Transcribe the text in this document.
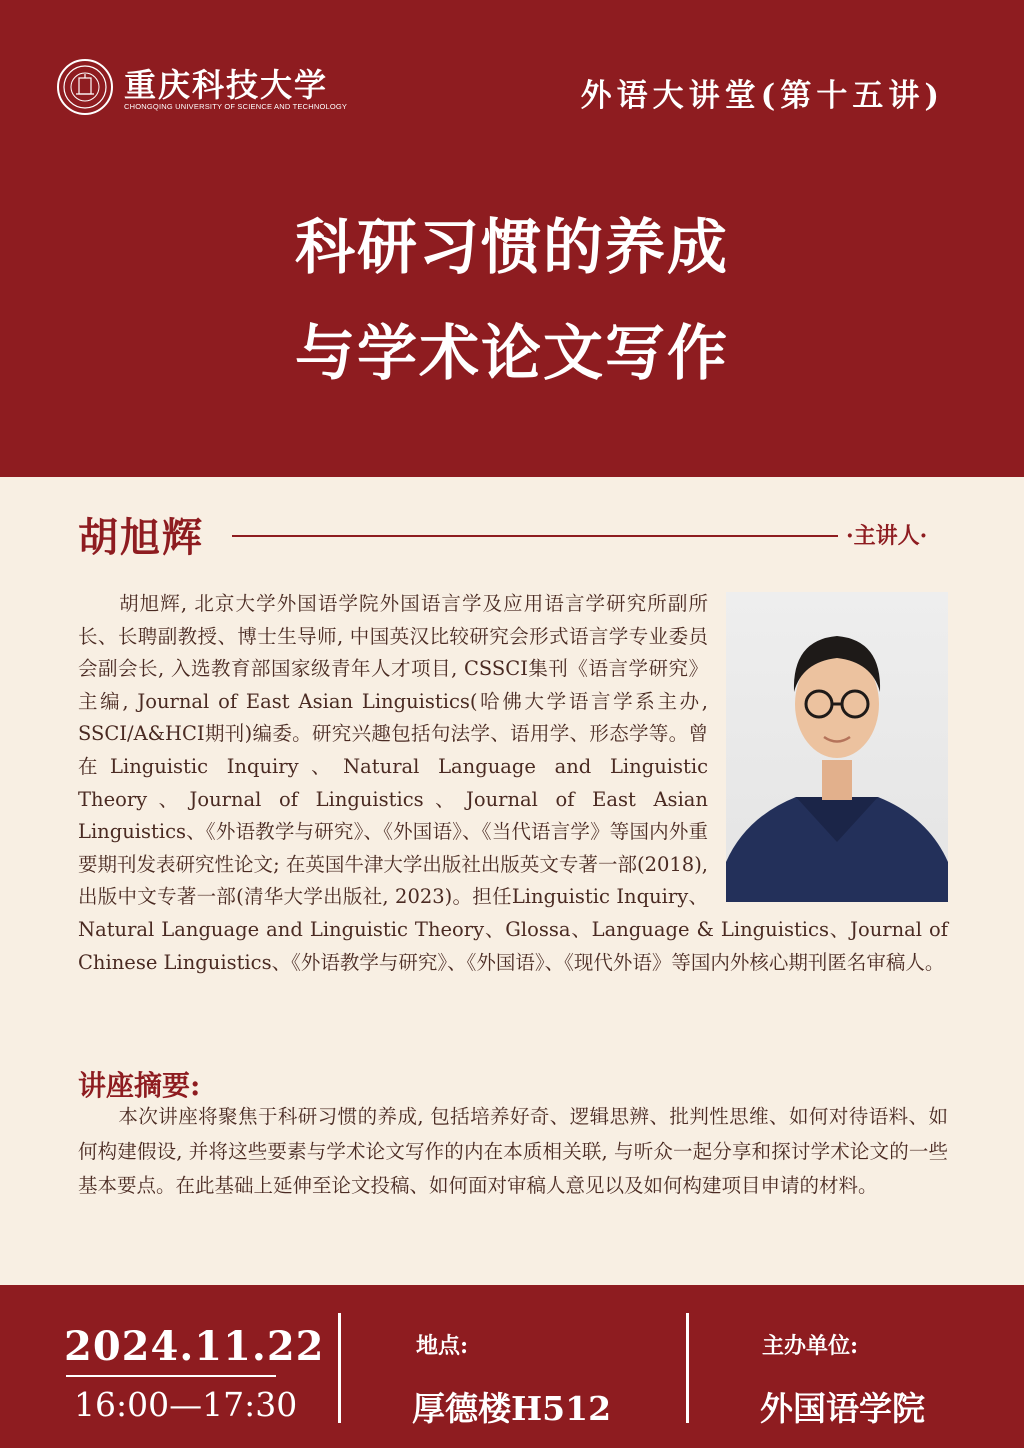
重庆科技大学
CHONGQING UNIVERSITY OF SCIENCE AND TECHNOLOGY	外语大讲堂(第十五讲)
科研习惯的养成
与学术论文写作
胡旭辉	·主讲人·
胡旭辉, 北京大学外国语学院外国语言学及应用语言学研究所副所长、长聘副教授、博士生导师, 中国英汉比较研究会形式语言学专业委员会副会长, 入选教育部国家级青年人才项目, CSSCI集刊《语言学研究》主编, Journal of East Asian Linguistics(哈佛大学语言学系主办, SSCI/A&HCI期刊)编委。研究兴趣包括句法学、语用学、形态学等。曾在Linguistic Inquiry、Natural Language and Linguistic Theory、Journal of Linguistics、Journal of East Asian Linguistics、《外语教学与研究》、《外国语》、《当代语言学》等国内外重要期刊发表研究性论文; 在英国牛津大学出版社出版英文专著一部(2018), 出版中文专著一部(清华大学出版社, 2023)。担任Linguistic Inquiry、Natural Language and Linguistic Theory、Glossa、Language & Linguistics、Journal of Chinese Linguistics、《外语教学与研究》、《外国语》、《现代外语》等国内外核心期刊匿名审稿人。
讲座摘要:

本次讲座将聚焦于科研习惯的养成, 包括培养好奇、逻辑思辨、批判性思维、如何对待语料、如何构建假设, 并将这些要素与学术论文写作的内在本质相关联, 与听众一起分享和探讨学术论文的一些基本要点。在此基础上延伸至论文投稿、如何面对审稿人意见以及如何构建项目申请的材料。

2024.11.22
16:00—17:30
地点:
厚德楼H512
主办单位:
外国语学院
